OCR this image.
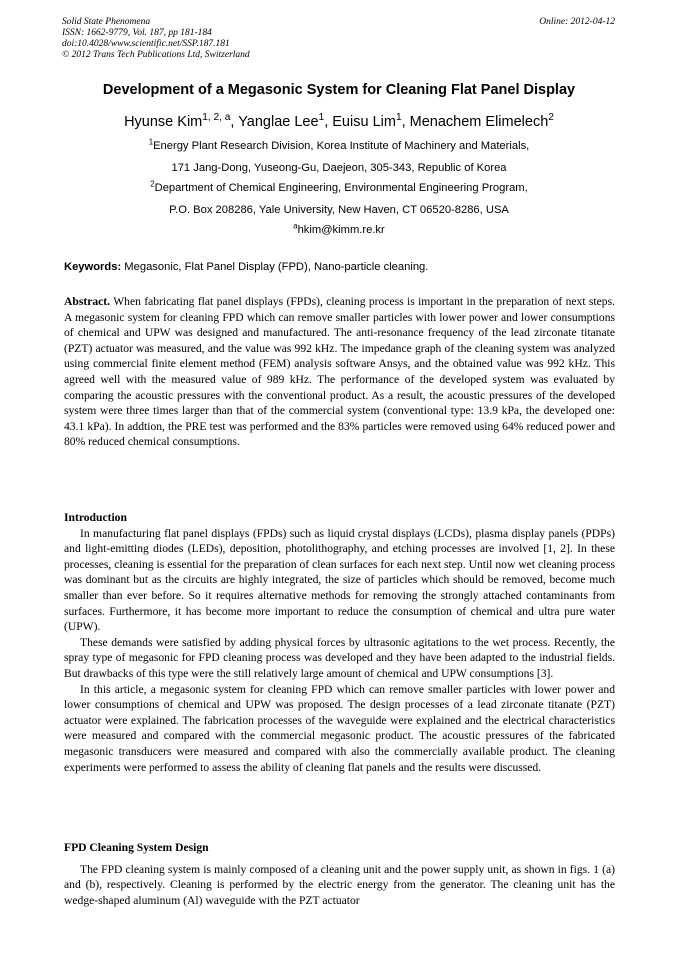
Solid State Phenomena
ISSN: 1662-9779, Vol. 187, pp 181-184
doi:10.4028/www.scientific.net/SSP.187.181
© 2012 Trans Tech Publications Ltd, Switzerland
Online: 2012-04-12
Development of a Megasonic System for Cleaning Flat Panel Display
Hyunse Kim$^{1, 2, a}$, Yanglae Lee$^1$, Euisu Lim$^1$, Menachem Elimelech$^2$
$^1$Energy Plant Research Division, Korea Institute of Machinery and Materials,
171 Jang-Dong, Yuseong-Gu, Daejeon, 305-343, Republic of Korea
$^2$Department of Chemical Engineering, Environmental Engineering Program,
P.O. Box 208286, Yale University, New Haven, CT 06520-8286, USA
$^a$hkim@kimm.re.kr
Keywords: Megasonic, Flat Panel Display (FPD), Nano-particle cleaning.

Abstract. When fabricating flat panel displays (FPDs), cleaning process is important in the preparation of next steps. A megasonic system for cleaning FPD which can remove smaller particles with lower power and lower consumptions of chemical and UPW was designed and manufactured. The anti-resonance frequency of the lead zirconate titanate (PZT) actuator was measured, and the value was 992 kHz. The impedance graph of the cleaning system was analyzed using commercial finite element method (FEM) analysis software Ansys, and the obtained value was 992 kHz. This agreed well with the measured value of 989 kHz. The performance of the developed system was evaluated by comparing the acoustic pressures with the conventional product. As a result, the acoustic pressures of the developed system were three times larger than that of the commercial system (conventional type: 13.9 kPa, the developed one: 43.1 kPa). In addtion, the PRE test was performed and the 83% particles were removed using 64% reduced power and 80% reduced chemical consumptions.

Introduction

In manufacturing flat panel displays (FPDs) such as liquid crystal displays (LCDs), plasma display panels (PDPs) and light-emitting diodes (LEDs), deposition, photolithography, and etching processes are involved [1, 2]. In these processes, cleaning is essential for the preparation of clean surfaces for each next step. Until now wet cleaning process was dominant but as the circuits are highly integrated, the size of particles which should be removed, become much smaller than ever before. So it requires alternative methods for removing the strongly attached contaminants from surfaces. Furthermore, it has become more important to reduce the consumption of chemical and ultra pure water (UPW).

These demands were satisfied by adding physical forces by ultrasonic agitations to the wet process. Recently, the spray type of megasonic for FPD cleaning process was developed and they have been adapted to the industrial fields. But drawbacks of this type were the still relatively large amount of chemical and UPW consumptions [3].

In this article, a megasonic system for cleaning FPD which can remove smaller particles with lower power and lower consumptions of chemical and UPW was proposed. The design processes of a lead zirconate titanate (PZT) actuator were explained. The fabrication processes of the waveguide were explained and the electrical characteristics were measured and compared with the commercial megasonic product. The acoustic pressures of the fabricated megasonic transducers were measured and compared with also the commercially available product. The cleaning experiments were performed to assess the ability of cleaning flat panels and the results were discussed.

FPD Cleaning System Design

The FPD cleaning system is mainly composed of a cleaning unit and the power supply unit, as shown in figs. 1 (a) and (b), respectively. Cleaning is performed by the electric energy from the generator. The cleaning unit has the wedge-shaped aluminum (Al) waveguide with the PZT actuator
